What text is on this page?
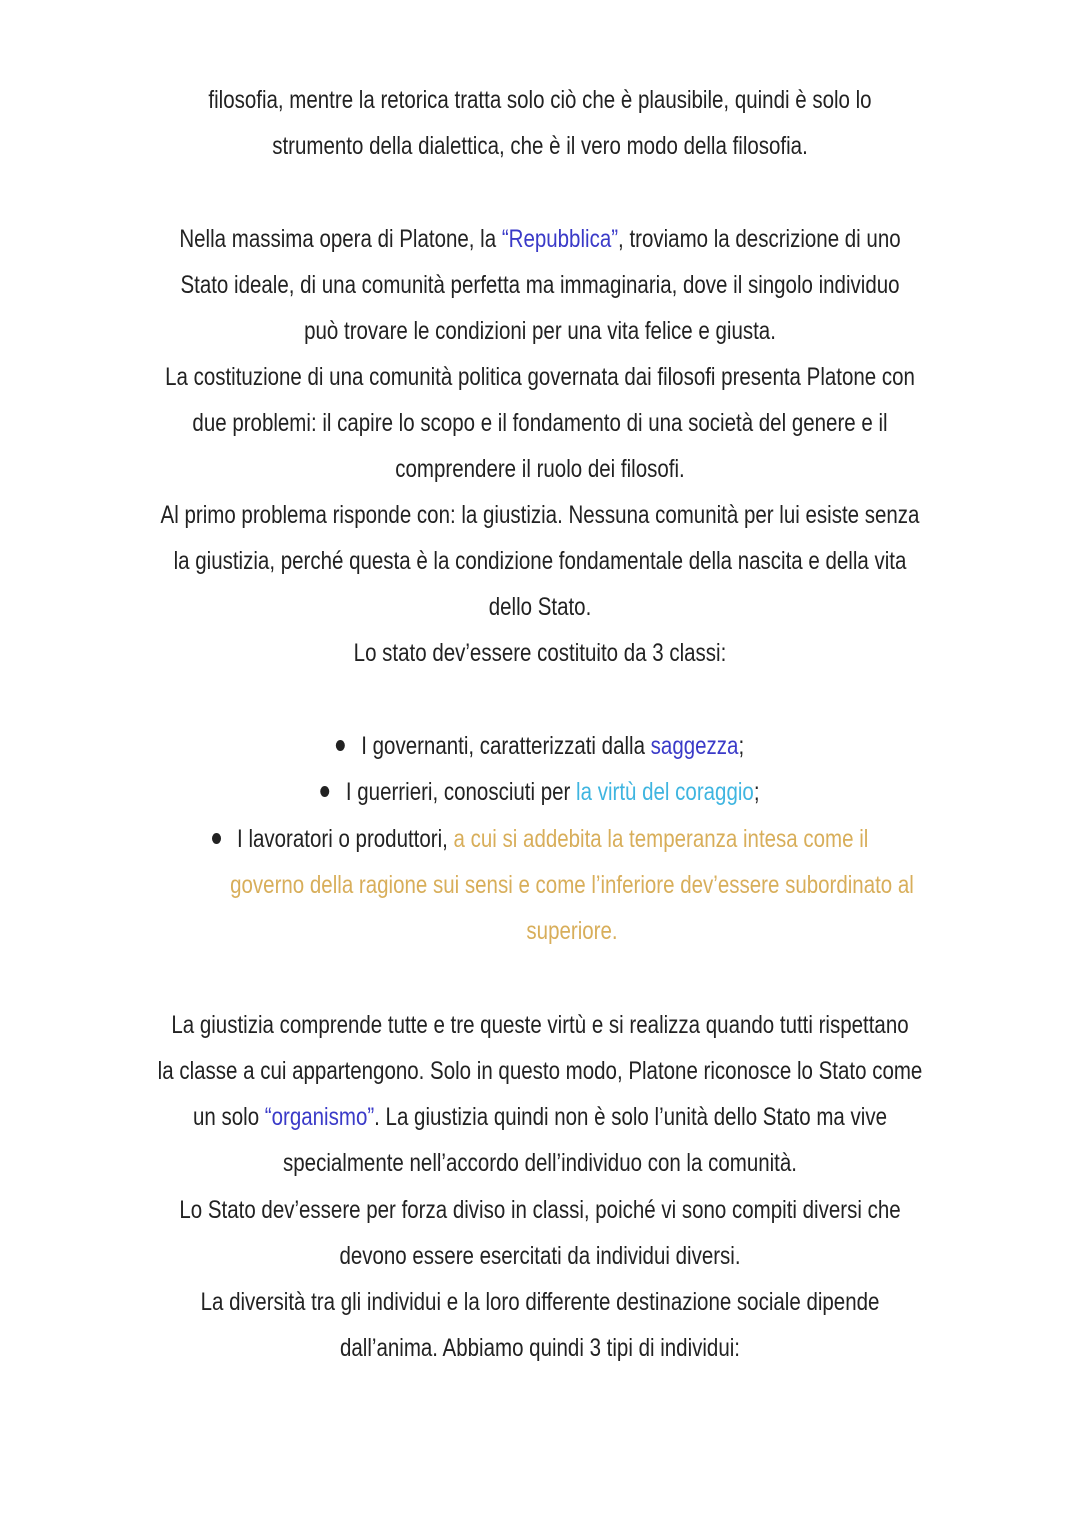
filosofia, mentre la retorica tratta solo ciò che è plausibile, quindi è solo lo
strumento della dialettica, che è il vero modo della filosofia.
Nella massima opera di Platone, la “Repubblica”, troviamo la descrizione di uno
Stato ideale, di una comunità perfetta ma immaginaria, dove il singolo individuo
può trovare le condizioni per una vita felice e giusta.
La costituzione di una comunità politica governata dai filosofi presenta Platone con
due problemi: il capire lo scopo e il fondamento di una società del genere e il
comprendere il ruolo dei filosofi.
Al primo problema risponde con: la giustizia. Nessuna comunità per lui esiste senza
la giustizia, perché questa è la condizione fondamentale della nascita e della vita
dello Stato.
Lo stato dev’essere costituito da 3 classi:
I governanti, caratterizzati dalla saggezza;
I guerrieri, conosciuti per la virtù del coraggio;
I lavoratori o produttori, a cui si addebita la temperanza intesa come il
governo della ragione sui sensi e come l’inferiore dev’essere subordinato al
superiore.
La giustizia comprende tutte e tre queste virtù e si realizza quando tutti rispettano
la classe a cui appartengono. Solo in questo modo, Platone riconosce lo Stato come
un solo “organismo”. La giustizia quindi non è solo l’unità dello Stato ma vive
specialmente nell’accordo dell’individuo con la comunità.
Lo Stato dev’essere per forza diviso in classi, poiché vi sono compiti diversi che
devono essere esercitati da individui diversi.
La diversità tra gli individui e la loro differente destinazione sociale dipende
dall’anima. Abbiamo quindi 3 tipi di individui:
